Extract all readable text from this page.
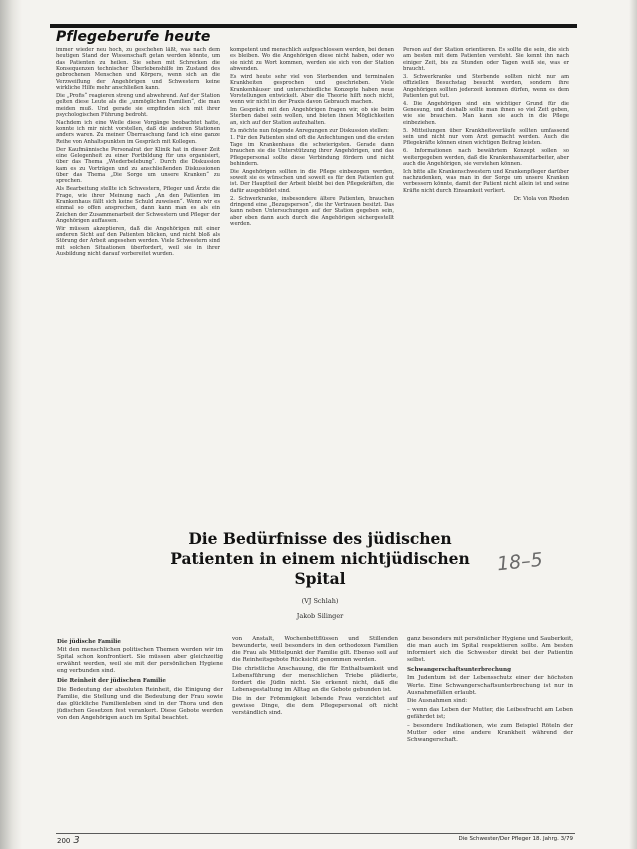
Pflegeberufe heute

immer wieder neu hoch, zu geschehen läßt, was nach dem heutigen Stand der Wissenschaft getan werden könnte, um das Patienten zu heilen. Sie sehen mit Schrecken die Konsequenzen technischer Überlebenshilfe im Zustand des gebrochenen Menschen und Körpers, wenn sich an die Verzweiflung der Angehörigen und Schwestern keine wirkliche Hilfe mehr anschließen kann.

Die „Profis“ reagieren streng und abwehrend. Auf der Station gelten diese Leute als die „unmöglichen Familien“, die man meiden muß. Und gerade sie empfinden sich mit ihrer psychologischen Führung bedroht.

Nachdem ich eine Weile diese Vorgänge beobachtet hatte, konnte ich mir nicht vorstellen, daß die anderen Stationen anders waren. Zu meiner Überraschung fand ich eine ganze Reihe von Anhaltspunkten im Gespräch mit Kollegen.

Der Kaufmännische Personalrat der Klinik hat in dieser Zeit eine Gelegenheit zu einer Fortbildung für uns organisiert, über das Thema „Wiederbelebung“. Durch die Diskussion kam es zu Vorträgen und zu anschließenden Diskussionen über das Thema „Die Sorge um unsere Kranken“ zu sprechen.

Als Bearbeitung stellte ich Schwestern, Pfleger und Ärzte die Frage, wie ihrer Meinung nach „An den Patienten im Krankenhaus fällt sich keine Schuld zuweisen“. Wenn wir es einmal so offen ansprechen, dann kann man es als ein Zeichen der Zusammenarbeit der Schwestern und Pfleger der Angehörigen auffassen.

Wir müssen akzeptieren, daß die Angehörigen mit einer anderen Sicht auf den Patienten blicken, und nicht bloß als Störung der Arbeit angesehen werden. Viele Schwestern sind mit solchen Situationen überfordert, weil sie in ihrer Ausbildung nicht darauf vorbereitet wurden.

kompetent und menschlich aufgeschlossen werden, bei denen es bleiben. Wo die Angehörigen diese nicht haben, oder wo sie nicht zu Wort kommen, werden sie sich von der Station abwenden.

Es wird heute sehr viel von Sterbenden und terminalen Krankheiten gesprochen und geschrieben. Viele Krankenhäuser und unterschiedliche Konzepte haben neue Vorstellungen entwickelt. Aber die Theorie hilft noch nicht, wenn wir nicht in der Praxis davon Gebrauch machen.

Im Gespräch mit den Angehörigen fragen wir, ob sie beim Sterben dabei sein wollen, und bieten ihnen Möglichkeiten an, sich auf der Station aufzuhalten.

Es möchte nun folgende Anregungen zur Diskussion stellen:

1. Für den Patienten sind oft die Anfechtungen und die ersten Tage im Krankenhaus die schwierigsten. Gerade dann brauchen sie die Unterstützung ihrer Angehörigen, und das Pflegepersonal sollte diese Verbindung fördern und nicht behindern.

Die Angehörigen sollten in die Pflege einbezogen werden, soweit sie es wünschen und soweit es für den Patienten gut ist. Der Hauptteil der Arbeit bleibt bei den Pflegekräften, die dafür ausgebildet sind.

2. Schwerkranke, insbesondere ältere Patienten, brauchen dringend eine „Bezugsperson“, die ihr Vertrauen besitzt. Das kann neben Untersuchungen auf der Station gegeben sein, aber eben dann auch durch die Angehörigen sichergestellt werden.

Person auf der Station orientieren. Es sollte die sein, die sich am besten mit dem Patienten versteht. Sie kennt ihn nach einiger Zeit, bis zu Stunden oder Tagen weiß sie, was er braucht.

3. Schwerkranke und Sterbende sollten nicht nur am offiziellen Besuchstag besucht werden, sondern ihre Angehörigen sollten jederzeit kommen dürfen, wenn es dem Patienten gut tut.

4. Die Angehörigen sind ein wichtiger Grund für die Genesung, und deshalb sollte man ihnen so viel Zeit geben, wie sie brauchen. Man kann sie auch in die Pflege einbeziehen.

5. Mitteilungen über Krankheitsverläufe sollten umfassend sein und nicht nur vom Arzt gemacht werden. Auch die Pflegekräfte können einen wichtigen Beitrag leisten.

6. Informationen nach bewährtem Konzept sollen so weitergegeben werden, daß die Krankenhausmitarbeiter, aber auch die Angehörigen, sie verstehen können.

Ich bitte alle Krankenschwestern und Krankenpfleger darüber nachzudenken, was man in der Sorge um unsere Kranken verbessern könnte, damit der Patient nicht allein ist und seine Kräfte nicht durch Einsamkeit verliert.

Dr. Viola von Rheden

Die Bedürfnisse des jüdischen Patienten in einem nichtjüdischen Spital
18–5
(VJ Schlah)
Jakob Silinger

Die jüdische Familie

Mit den menschlichen politischen Themen werden wir im Spital schon konfrontiert. Sie müssen aber gleichzeitig erwähnt werden, weil sie mit der persönlichen Hygiene eng verbunden sind.

Die Reinheit der jüdischen Familie

Die Bedeutung der absoluten Reinheit, die Einigung der Familie, die Stellung und die Bedeutung der Frau sowie das glückliche Familienleben sind in der Thora und den jüdischen Gesetzen fest verankert. Diese Gebote werden von den Angehörigen auch im Spital beachtet.

von Anstalt, Wochenbettflüssen und Stillenden bewunderte, weil besonders in den orthodoxen Familien die Frau als Mittelpunkt der Familie gilt. Ebenso soll auf die Reinheitsgebote Rücksicht genommen werden.

Die christliche Anschauung, die für Enthaltsamkeit und Lebensführung der menschlichen Triebe plädierte, fordert die Jüdin nicht. Sie erkennt nicht, daß die Lebensgestaltung im Alltag an die Gebote gebunden ist.

Die in der Frömmigkeit lebende Frau verzichtet auf gewisse Dinge, die dem Pflegepersonal oft nicht verständlich sind.

ganz besonders mit persönlicher Hygiene und Sauberkeit, die man auch im Spital respektieren sollte. Am besten informiert sich die Schwester direkt bei der Patientin selbst.

Schwangerschaftsunterbrechung

Im Judentum ist der Lebensschutz einer der höchsten Werte. Eine Schwangerschaftsunterbrechung ist nur in Ausnahmefällen erlaubt.

Die Ausnahmen sind:

– wenn das Leben der Mutter, die Leibesfrucht am Leben gefährdet ist;

– besondere Indikationen, wie zum Beispiel Röteln der Mutter oder eine andere Krankheit während der Schwangerschaft.

200 3	Die Schwester/Der Pfleger 18. Jahrg. 3/79
